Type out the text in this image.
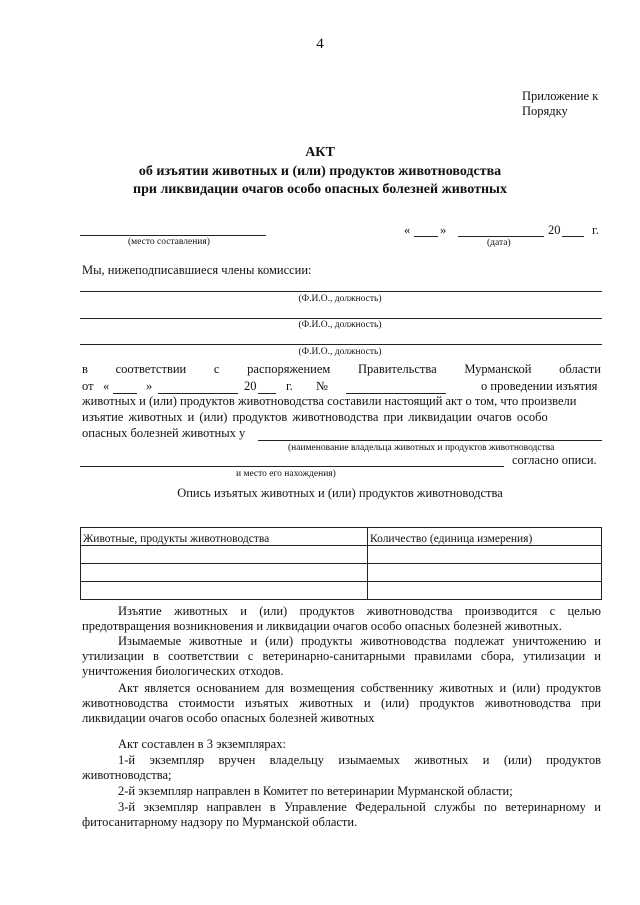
4
Приложение к
Порядку
АКТ
об изъятии животных и (или) продуктов животноводства
при ликвидации очагов особо опасных болезней животных
(место составления)
« »	20	г.
(дата)
Мы, нижеподписавшиеся члены комиссии:
(Ф.И.О., должность)
(Ф.И.О., должность)
(Ф.И.О., должность)
в соответствии с распоряжением Правительства Мурманской области
от «	»	20 г. №	о проведении изъятия
животных и (или) продуктов животноводства составили настоящий акт о том, что произвели
изъятие животных и (или) продуктов животноводства при ликвидации очагов особо
опасных болезней животных у
(наименование владельца животных и продуктов животноводства
согласно описи.
и место его нахождения)
Опись изъятых животных и (или) продуктов животноводства
Животные, продукты животноводства	Количество (единица измерения)

Изъятие животных и (или) продуктов животноводства производится с целью предотвращения возникновения и ликвидации очагов особо опасных болезней животных.
Изымаемые животные и (или) продукты животноводства подлежат уничтожению и утилизации в соответствии с ветеринарно-санитарными правилами сбора, утилизации и уничтожения биологических отходов.
Акт является основанием для возмещения собственнику животных и (или) продуктов животноводства стоимости изъятых животных и (или) продуктов животноводства при ликвидации очагов особо опасных болезней животных
Акт составлен в 3 экземплярах:
1-й экземпляр вручен владельцу изымаемых животных и (или) продуктов животноводства;
2-й экземпляр направлен в Комитет по ветеринарии Мурманской области;
3-й экземпляр направлен в Управление Федеральной службы по ветеринарному и фитосанитарному надзору по Мурманской области.
